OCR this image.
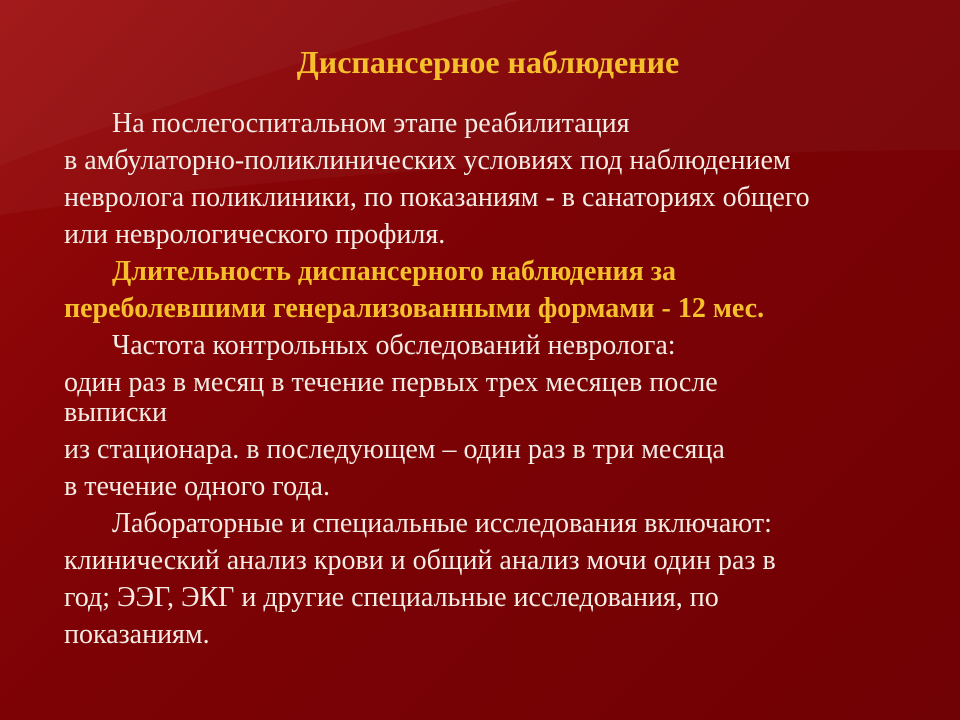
Диспансерное наблюдение
На послегоспитальном этапе реабилитация
в амбулаторно-поликлинических условиях под наблюдением
невролога поликлиники, по показаниям - в санаториях общего
или неврологического профиля.
Длительность диспансерного наблюдения за
переболевшими генерализованными формами - 12 мес.
Частота контрольных обследований невролога:
один раз в месяц в течение первых трех месяцев после
выписки
из стационара. в последующем – один раз в три месяца
в течение одного года.
Лабораторные и специальные исследования включают:
клинический анализ крови и общий анализ мочи один раз в
год; ЭЭГ, ЭКГ и другие специальные исследования, по
показаниям.
